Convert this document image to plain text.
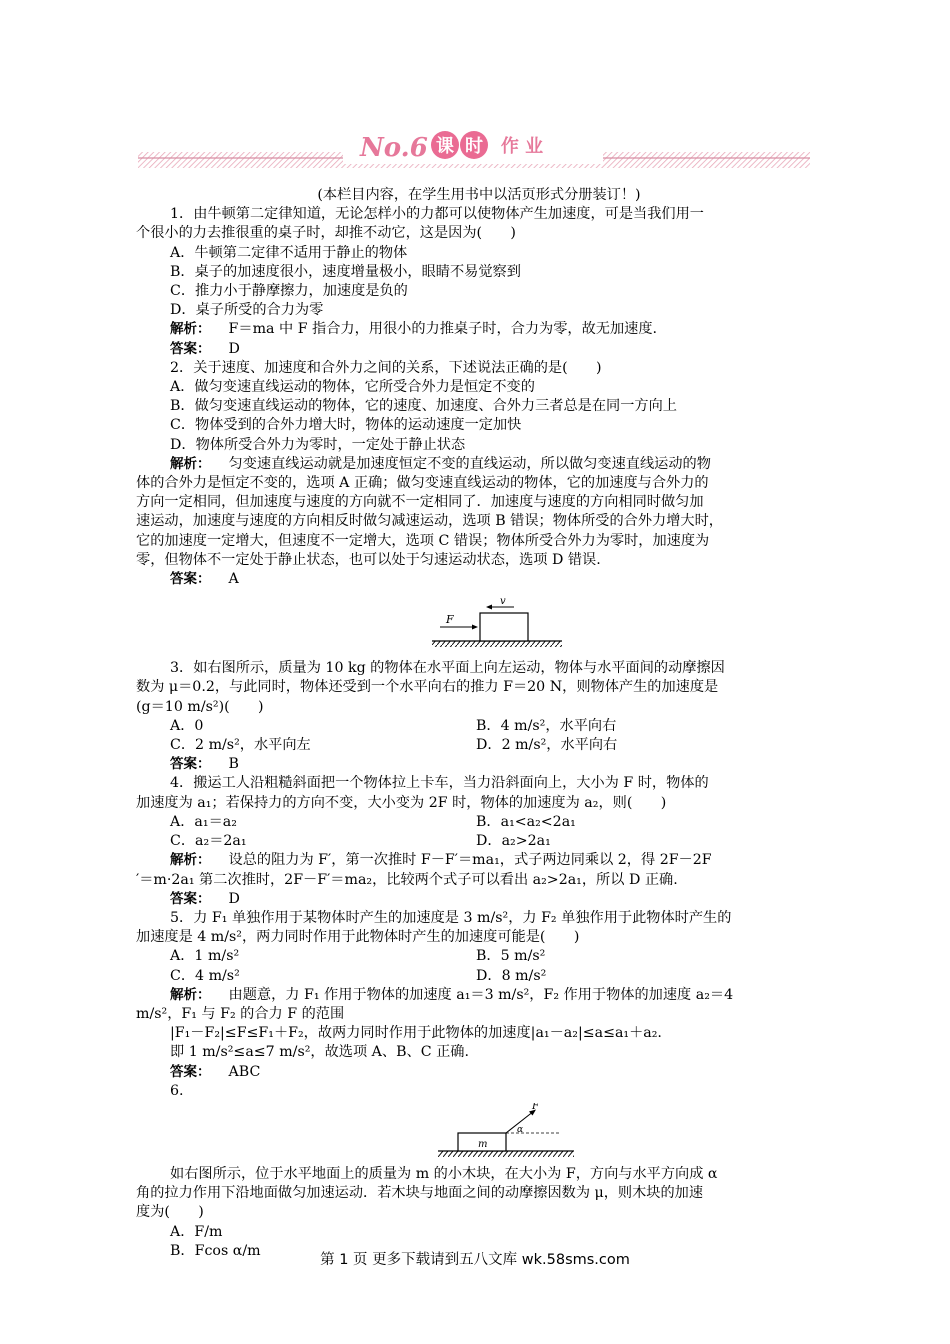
No.6 课 时 作 业
(本栏目内容，在学生用书中以活页形式分册装订！)
1．由牛顿第二定律知道，无论怎样小的力都可以使物体产生加速度，可是当我们用一
个很小的力去推很重的桌子时，却推不动它，这是因为(　　)
A．牛顿第二定律不适用于静止的物体
B．桌子的加速度很小，速度增量极小，眼睛不易觉察到
C．推力小于静摩擦力，加速度是负的
D．桌子所受的合力为零
解析： F＝ma 中 F 指合力，用很小的力推桌子时，合力为零，故无加速度.
答案： D
2．关于速度、加速度和合外力之间的关系，下述说法正确的是(　　)
A．做匀变速直线运动的物体，它所受合外力是恒定不变的
B．做匀变速直线运动的物体，它的速度、加速度、合外力三者总是在同一方向上
C．物体受到的合外力增大时，物体的运动速度一定加快
D．物体所受合外力为零时，一定处于静止状态
解析： 匀变速直线运动就是加速度恒定不变的直线运动，所以做匀变速直线运动的物
体的合外力是恒定不变的，选项 A 正确；做匀变速直线运动的物体，它的加速度与合外力的
方向一定相同，但加速度与速度的方向就不一定相同了．加速度与速度的方向相同时做匀加
速运动，加速度与速度的方向相反时做匀减速运动，选项 B 错误；物体所受的合外力增大时，
它的加速度一定增大，但速度不一定增大，选项 C 错误；物体所受合外力为零时，加速度为
零，但物体不一定处于静止状态，也可以处于匀速运动状态，选项 D 错误.
答案： A
F
v
3．如右图所示，质量为 10 kg 的物体在水平面上向左运动，物体与水平面间的动摩擦因
数为 μ＝0.2，与此同时，物体还受到一个水平向右的推力 F＝20 N，则物体产生的加速度是
(g＝10 m/s²)(　　)
A．0	B．4 m/s²，水平向右
C．2 m/s²，水平向左	D．2 m/s²，水平向右
答案： B
4．搬运工人沿粗糙斜面把一个物体拉上卡车，当力沿斜面向上，大小为 F 时，物体的
加速度为 a₁；若保持力的方向不变，大小变为 2F 时，物体的加速度为 a₂，则(　　)
A．a₁＝a₂	B．a₁<a₂<2a₁
C．a₂＝2a₁	D．a₂>2a₁
解析： 设总的阻力为 F′，第一次推时 F－F′＝ma₁，式子两边同乘以 2，得 2F－2F
′＝m·2a₁ 第二次推时，2F－F′＝ma₂，比较两个式子可以看出 a₂>2a₁，所以 D 正确.
答案： D
5．力 F₁ 单独作用于某物体时产生的加速度是 3 m/s²，力 F₂ 单独作用于此物体时产生的
加速度是 4 m/s²，两力同时作用于此物体时产生的加速度可能是(　　)
A．1 m/s²	B．5 m/s²
C．4 m/s²	D．8 m/s²
解析： 由题意，力 F₁ 作用于物体的加速度 a₁＝3 m/s²，F₂ 作用于物体的加速度 a₂＝4
m/s²，F₁ 与 F₂ 的合力 F 的范围
|F₁－F₂|≤F≤F₁＋F₂，故两力同时作用于此物体的加速度|a₁－a₂|≤a≤a₁＋a₂.
即 1 m/s²≤a≤7 m/s²，故选项 A、B、C 正确.
答案： ABC
6.
m
F
α
如右图所示，位于水平地面上的质量为 m 的小木块，在大小为 F，方向与水平方向成 α
角的拉力作用下沿地面做匀加速运动．若木块与地面之间的动摩擦因数为 μ，则木块的加速
度为(　　)
A．F/m
B．Fcos α/m
第 1 页 更多下载请到五八文库 wk.58sms.com
